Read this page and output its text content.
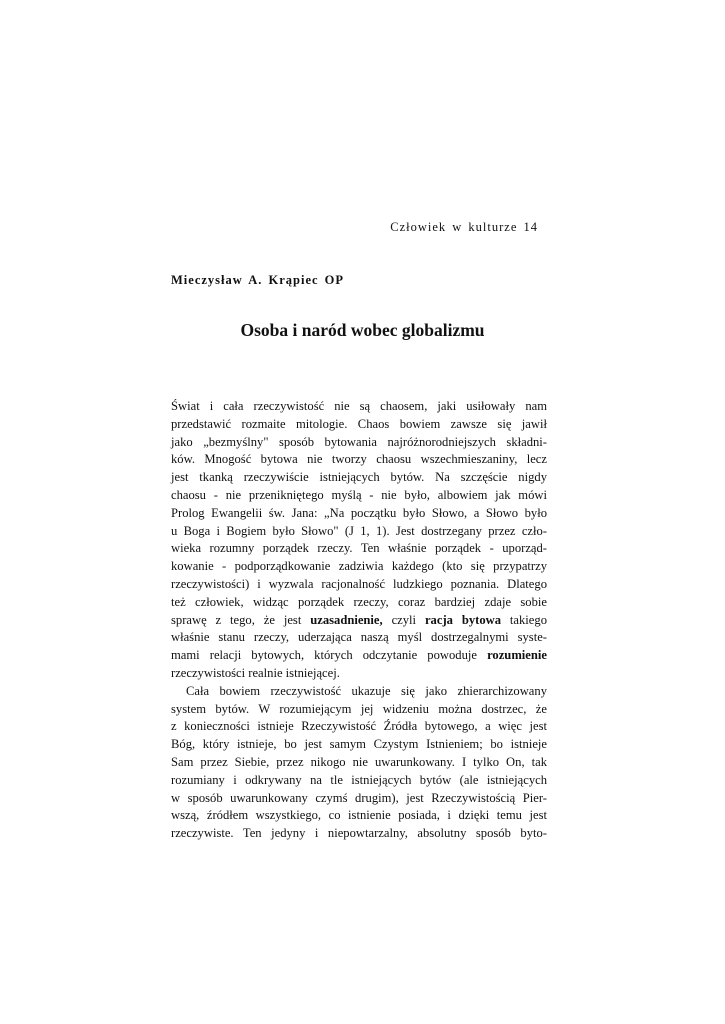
Człowiek w kulturze 14
Mieczysław A. Krąpiec OP
Osoba i naród wobec globalizmu
Świat i cała rzeczywistość nie są chaosem, jaki usiłowały nam
przedstawić rozmaite mitologie. Chaos bowiem zawsze się jawił
jako „bezmyślny" sposób bytowania najróżnorodniejszych składni-
ków. Mnogość bytowa nie tworzy chaosu wszechmieszaniny, lecz
jest tkanką rzeczywiście istniejących bytów. Na szczęście nigdy
chaosu - nie przenikniętego myślą - nie było, albowiem jak mówi
Prolog Ewangelii św. Jana: „Na początku było Słowo, a Słowo było
u Boga i Bogiem było Słowo" (J 1, 1). Jest dostrzegany przez czło-
wieka rozumny porządek rzeczy. Ten właśnie porządek - uporząd-
kowanie - podporządkowanie zadziwia każdego (kto się przypatrzy
rzeczywistości) i wyzwala racjonalność ludzkiego poznania. Dlatego
też człowiek, widząc porządek rzeczy, coraz bardziej zdaje sobie
sprawę z tego, że jest uzasadnienie, czyli racja bytowa takiego
właśnie stanu rzeczy, uderzająca naszą myśl dostrzegalnymi syste-
mami relacji bytowych, których odczytanie powoduje rozumienie
rzeczywistości realnie istniejącej.
Cała bowiem rzeczywistość ukazuje się jako zhierarchizowany
system bytów. W rozumiejącym jej widzeniu można dostrzec, że
z konieczności istnieje Rzeczywistość Źródła bytowego, a więc jest
Bóg, który istnieje, bo jest samym Czystym Istnieniem; bo istnieje
Sam przez Siebie, przez nikogo nie uwarunkowany. I tylko On, tak
rozumiany i odkrywany na tle istniejących bytów (ale istniejących
w sposób uwarunkowany czymś drugim), jest Rzeczywistością Pier-
wszą, źródłem wszystkiego, co istnienie posiada, i dzięki temu jest
rzeczywiste. Ten jedyny i niepowtarzalny, absolutny sposób byto-
